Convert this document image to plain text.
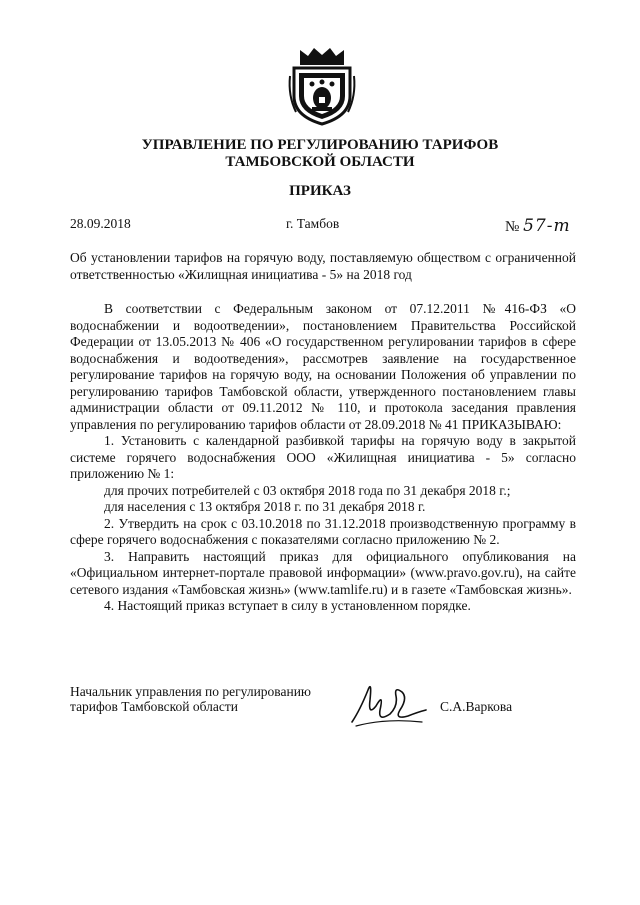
УПРАВЛЕНИЕ ПО РЕГУЛИРОВАНИЮ ТАРИФОВ
ТАМБОВСКОЙ ОБЛАСТИ
ПРИКАЗ
28.09.2018	г. Тамбов	№ 57-т
Об установлении тарифов на горячую воду, поставляемую обществом с ограниченной ответственностью «Жилищная инициатива - 5» на 2018 год

В соответствии с Федеральным законом от 07.12.2011 №416-ФЗ «О водоснабжении и водоотведении», постановлением Правительства Российской Федерации от 13.05.2013 № 406 «О государственном регулировании тарифов в сфере водоснабжения и водоотведения», рассмотрев заявление на государственное регулирование тарифов на горячую воду, на основании Положения об управлении по регулированию тарифов Тамбовской области, утвержденного постановлением главы администрации области от 09.11.2012 № 110, и протокола заседания правления управления по регулированию тарифов области от 28.09.2018 № 41 ПРИКАЗЫВАЮ:

1. Установить с календарной разбивкой тарифы на горячую воду в закрытой системе горячего водоснабжения ООО «Жилищная инициатива - 5» согласно приложению № 1:

для прочих потребителей с 03 октября 2018 года по 31 декабря 2018 г.;

для населения с 13 октября 2018 г. по 31 декабря 2018 г.

2. Утвердить на срок с 03.10.2018 по 31.12.2018 производственную программу в сфере горячего водоснабжения с показателями согласно приложению № 2.

3. Направить настоящий приказ для официального опубликования на «Официальном интернет-портале правовой информации» (www.pravo.gov.ru), на сайте сетевого издания «Тамбовская жизнь» (www.tamlife.ru) и в газете «Тамбовская жизнь».

4. Настоящий приказ вступает в силу в установленном порядке.

Начальник управления по регулированию
тарифов Тамбовской области	С.А.Варкова
